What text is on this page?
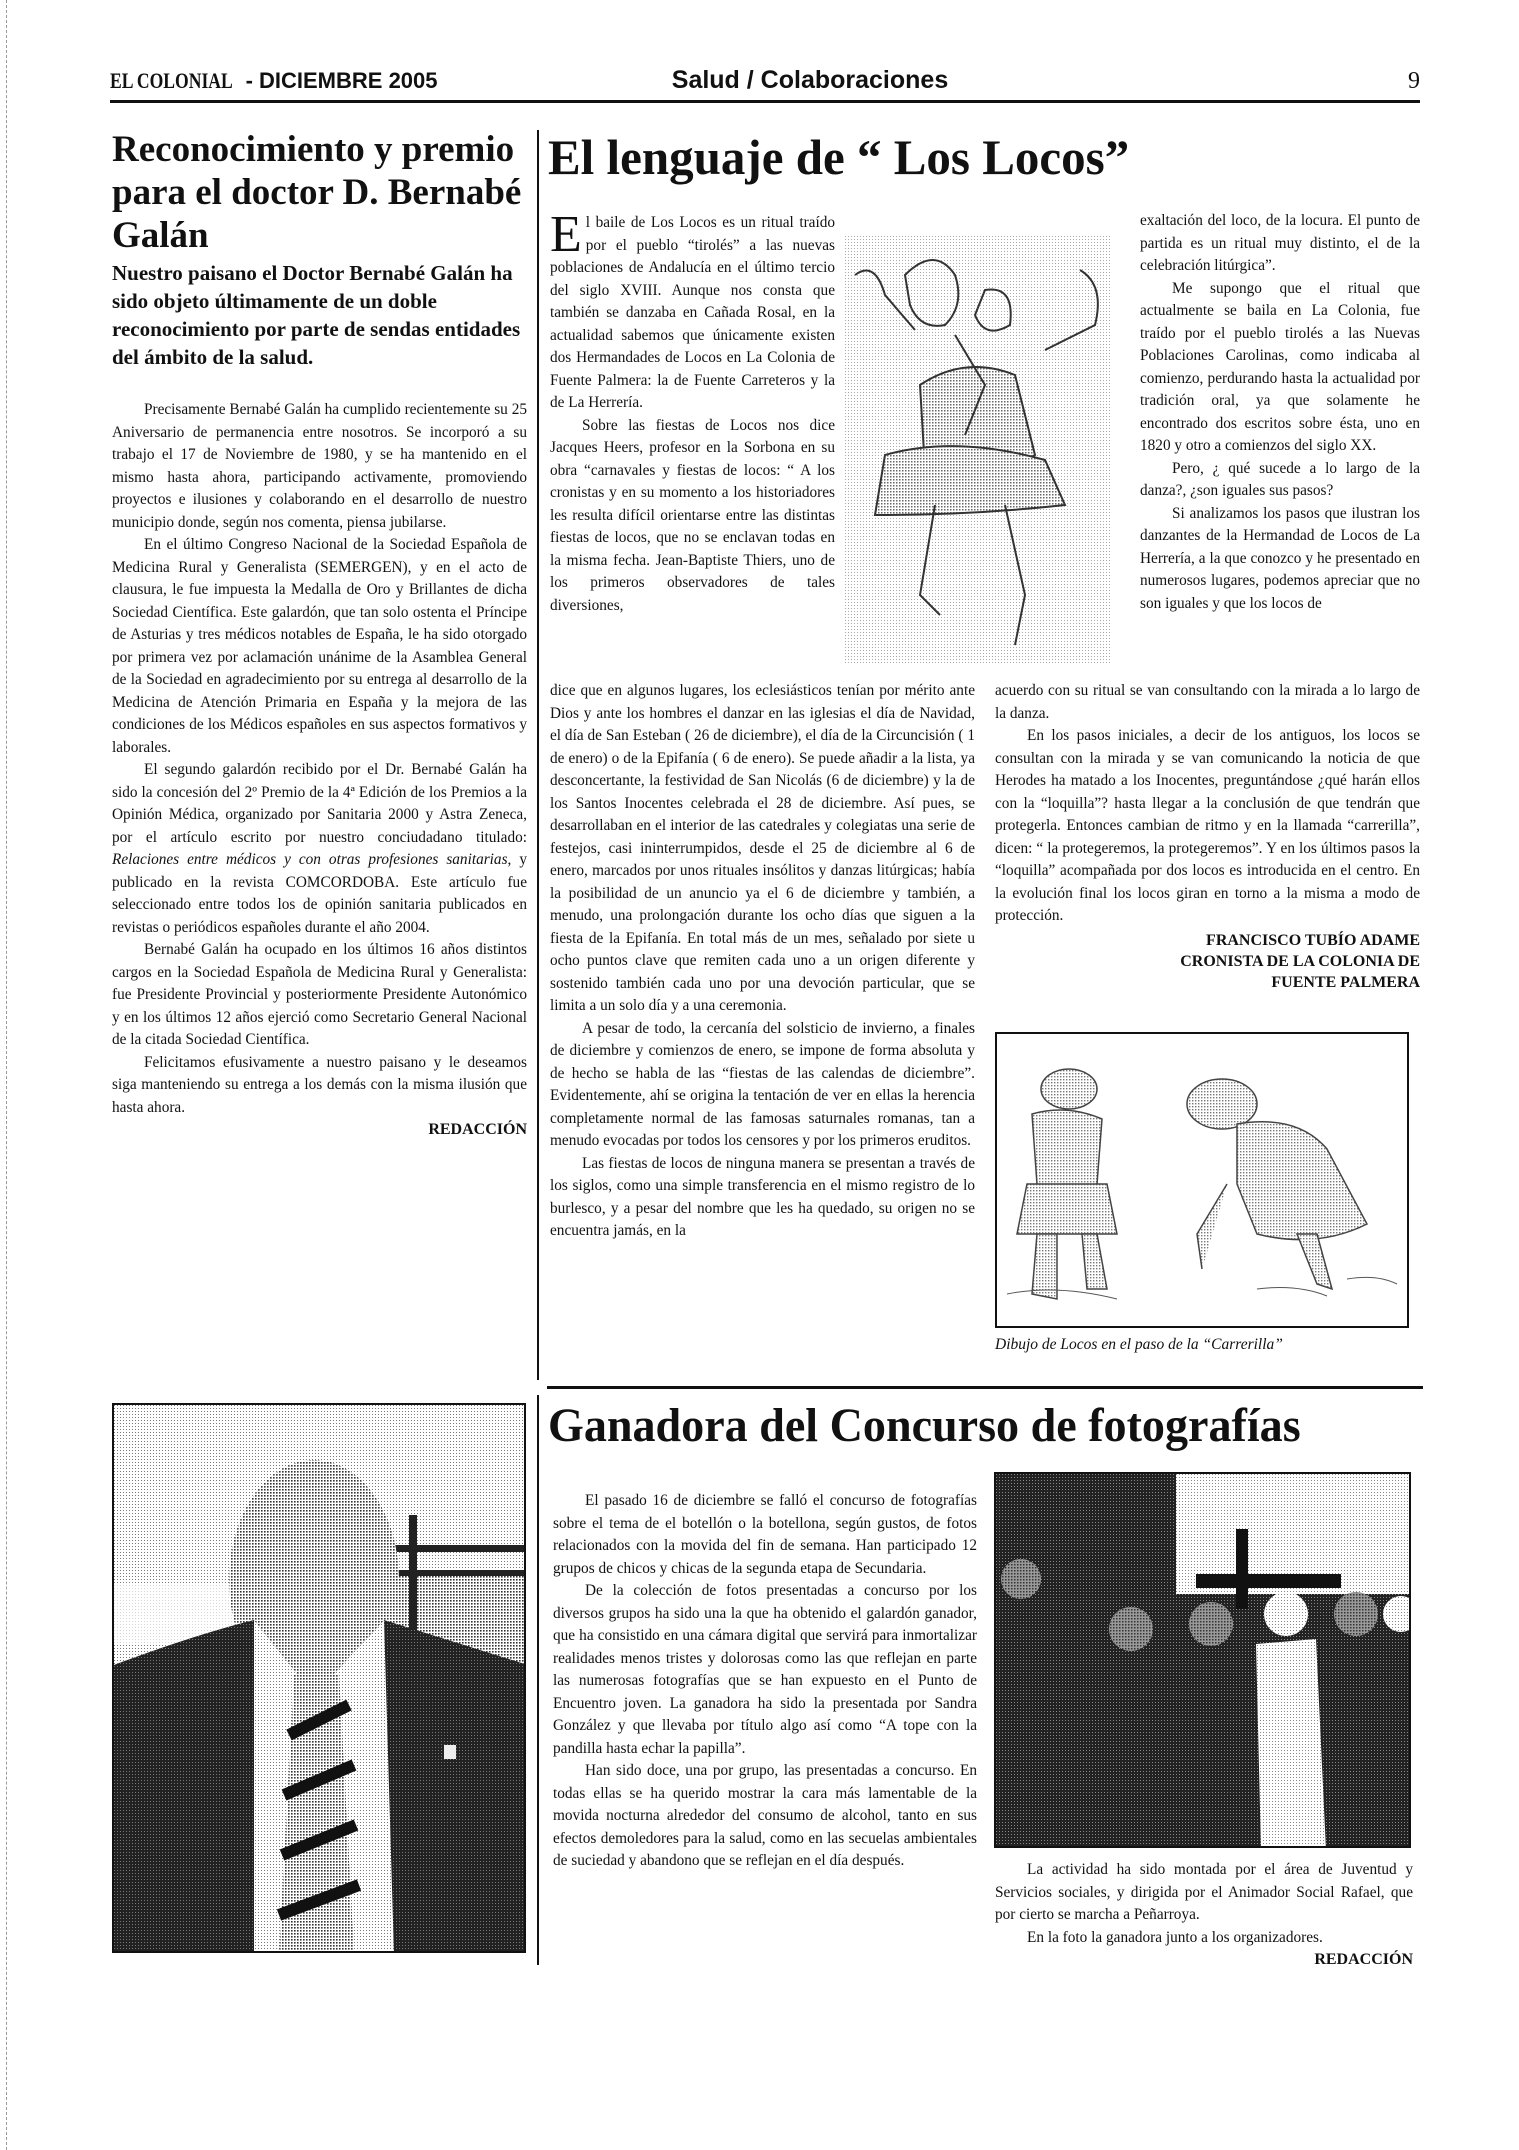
EL COLONIAL - DICIEMBRE 2005	Salud / Colaboraciones	9
Reconocimiento y premio para el doctor D. Bernabé Galán

Nuestro paisano el Doctor Bernabé Galán ha sido objeto últimamente de un doble reconocimiento por parte de sendas entidades del ámbito de la salud.

Precisamente Bernabé Galán ha cumplido recientemente su 25 Aniversario de permanencia entre nosotros. Se incorporó a su trabajo el 17 de Noviembre de 1980, y se ha mantenido en el mismo hasta ahora, participando activamente, promoviendo proyectos e ilusiones y colaborando en el desarrollo de nuestro municipio donde, según nos comenta, piensa jubilarse.

En el último Congreso Nacional de la Sociedad Española de Medicina Rural y Generalista (SEMERGEN), y en el acto de clausura, le fue impuesta la Medalla de Oro y Brillantes de dicha Sociedad Científica. Este galardón, que tan solo ostenta el Príncipe de Asturias y tres médicos notables de España, le ha sido otorgado por primera vez por aclamación unánime de la Asamblea General de la Sociedad en agradecimiento por su entrega al desarrollo de la Medicina de Atención Primaria en España y la mejora de las condiciones de los Médicos españoles en sus aspectos formativos y laborales.

El segundo galardón recibido por el Dr. Bernabé Galán ha sido la concesión del 2º Premio de la 4ª Edición de los Premios a la Opinión Médica, organizado por Sanitaria 2000 y Astra Zeneca, por el artículo escrito por nuestro conciudadano titulado: Relaciones entre médicos y con otras profesiones sanitarias, y publicado en la revista COMCORDOBA. Este artículo fue seleccionado entre todos los de opinión sanitaria publicados en revistas o periódicos españoles durante el año 2004.

Bernabé Galán ha ocupado en los últimos 16 años distintos cargos en la Sociedad Española de Medicina Rural y Generalista: fue Presidente Provincial y posteriormente Presidente Autonómico y en los últimos 12 años ejerció como Secretario General Nacional de la citada Sociedad Científica.

Felicitamos efusivamente a nuestro paisano y le deseamos siga manteniendo su entrega a los demás con la misma ilusión que hasta ahora.

REDACCIÓN
El lenguaje de “ Los Locos”

El baile de Los Locos es un ritual traído por el pueblo “tirolés” a las nuevas poblaciones de Andalucía en el último tercio del siglo XVIII. Aunque nos consta que también se danzaba en Cañada Rosal, en la actualidad sabemos que únicamente existen dos Hermandades de Locos en La Colonia de Fuente Palmera: la de Fuente Carreteros y la de La Herrería.

Sobre las fiestas de Locos nos dice Jacques Heers, profesor en la Sorbona en su obra “carnavales y fiestas de locos: “ A los cronistas y en su momento a los historiadores les resulta difícil orientarse entre las distintas fiestas de locos, que no se enclavan todas en la misma fecha. Jean-Baptiste Thiers, uno de los primeros observadores de tales diversiones,

exaltación del loco, de la locura. El punto de partida es un ritual muy distinto, el de la celebración litúrgica”.

Me supongo que el ritual que actualmente se baila en La Colonia, fue traído por el pueblo tirolés a las Nuevas Poblaciones Carolinas, como indicaba al comienzo, perdurando hasta la actualidad por tradición oral, ya que solamente he encontrado dos escritos sobre ésta, uno en 1820 y otro a comienzos del siglo XX.

Pero, ¿ qué sucede a lo largo de la danza?, ¿son iguales sus pasos?

Si analizamos los pasos que ilustran los danzantes de la Hermandad de Locos de La Herrería, a la que conozco y he presentado en numerosos lugares, podemos apreciar que no son iguales y que los locos de

dice que en algunos lugares, los eclesiásticos tenían por mérito ante Dios y ante los hombres el danzar en las iglesias el día de Navidad, el día de San Esteban ( 26 de diciembre), el día de la Circuncisión ( 1 de enero) o de la Epifanía ( 6 de enero). Se puede añadir a la lista, ya desconcertante, la festividad de San Nicolás (6 de diciembre) y la de los Santos Inocentes celebrada el 28 de diciembre. Así pues, se desarrollaban en el interior de las catedrales y colegiatas una serie de festejos, casi ininterrumpidos, desde el 25 de diciembre al 6 de enero, marcados por unos rituales insólitos y danzas litúrgicas; había la posibilidad de un anuncio ya el 6 de diciembre y también, a menudo, una prolongación durante los ocho días que siguen a la fiesta de la Epifanía. En total más de un mes, señalado por siete u ocho puntos clave que remiten cada uno a un origen diferente y sostenido también cada uno por una devoción particular, que se limita a un solo día y a una ceremonia.

A pesar de todo, la cercanía del solsticio de invierno, a finales de diciembre y comienzos de enero, se impone de forma absoluta y de hecho se habla de las “fiestas de las calendas de diciembre”. Evidentemente, ahí se origina la tentación de ver en ellas la herencia completamente normal de las famosas saturnales romanas, tan a menudo evocadas por todos los censores y por los primeros eruditos.

Las fiestas de locos de ninguna manera se presentan a través de los siglos, como una simple transferencia en el mismo registro de lo burlesco, y a pesar del nombre que les ha quedado, su origen no se encuentra jamás, en la

acuerdo con su ritual se van consultando con la mirada a lo largo de la danza.

En los pasos iniciales, a decir de los antiguos, los locos se consultan con la mirada y se van comunicando la noticia de que Herodes ha matado a los Inocentes, preguntándose ¿qué harán ellos con la “loquilla”? hasta llegar a la conclusión de que tendrán que protegerla. Entonces cambian de ritmo y en la llamada “carrerilla”, dicen: “ la protegeremos, la protegeremos”. Y en los últimos pasos la “loquilla” acompañada por dos locos es introducida en el centro. En la evolución final los locos giran en torno a la misma a modo de protección.

FRANCISCO TUBÍO ADAME
CRONISTA DE LA COLONIA DE FUENTE PALMERA
Dibujo de Locos en el paso de la “Carrerilla”
Ganadora del Concurso de fotografías

El pasado 16 de diciembre se falló el concurso de fotografías sobre el tema de el botellón o la botellona, según gustos, de fotos relacionados con la movida del fin de semana. Han participado 12 grupos de chicos y chicas de la segunda etapa de Secundaria.

De la colección de fotos presentadas a concurso por los diversos grupos ha sido una la que ha obtenido el galardón ganador, que ha consistido en una cámara digital que servirá para inmortalizar realidades menos tristes y dolorosas como las que reflejan en parte las numerosas fotografías que se han expuesto en el Punto de Encuentro joven. La ganadora ha sido la presentada por Sandra González y que llevaba por título algo así como “A tope con la pandilla hasta echar la papilla”.

Han sido doce, una por grupo, las presentadas a concurso. En todas ellas se ha querido mostrar la cara más lamentable de la movida nocturna alrededor del consumo de alcohol, tanto en sus efectos demoledores para la salud, como en las secuelas ambientales de suciedad y abandono que se reflejan en el día después.

La actividad ha sido montada por el área de Juventud y Servicios sociales, y dirigida por el Animador Social Rafael, que por cierto se marcha a Peñarroya.

En la foto la ganadora junto a los organizadores.

REDACCIÓN
